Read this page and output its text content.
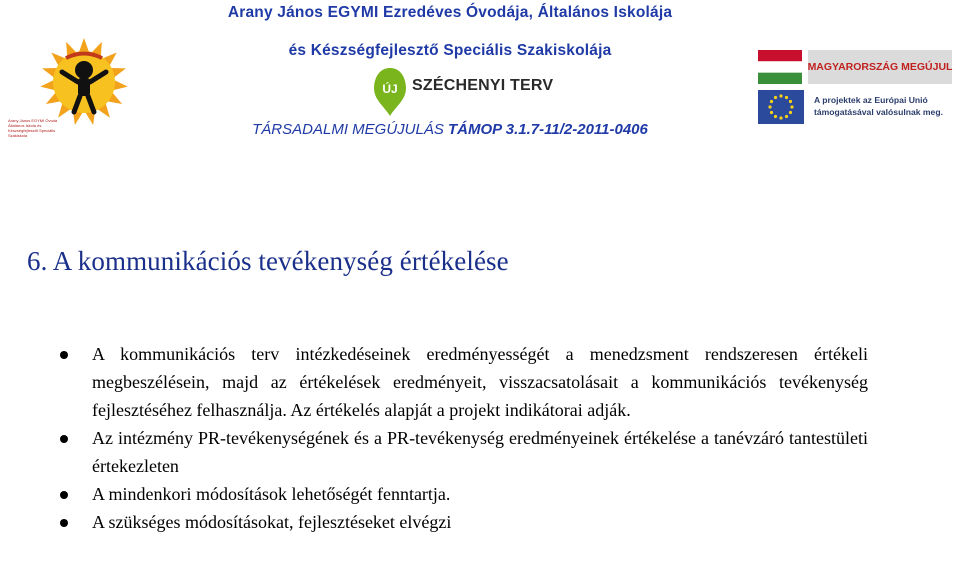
Arany János EGYMI Ezredéves Óvodája, Általános Iskolája
és Készségfejlesztő Speciális Szakiskolája
Arany János EGYMI Óvoda
Általános Iskola és
Készségfejlesztő Speciális
Szakiskola
ÚJ SZÉCHENYI TERV
TÁRSADALMI MEGÚJULÁS TÁMOP 3.1.7-11/2-2011-0406
MAGYARORSZÁG MEGÚJUL
A projektek az Európai Unió
támogatásával valósulnak meg.
6. A kommunikációs tevékenység értékelése
A kommunikációs terv intézkedéseinek eredményességét a menedzsment rendszeresen értékeli megbeszélésein, majd az értékelések eredményeit, visszacsatolásait a kommunikációs tevékenység fejlesztéséhez felhasználja. Az értékelés alapját a projekt indikátorai adják.
Az intézmény PR-tevékenységének és a PR-tevékenység eredményeinek értékelése a tanévzáró tantestületi értekezleten
A mindenkori módosítások lehetőségét fenntartja.
A szükséges módosításokat, fejlesztéseket elvégzi
